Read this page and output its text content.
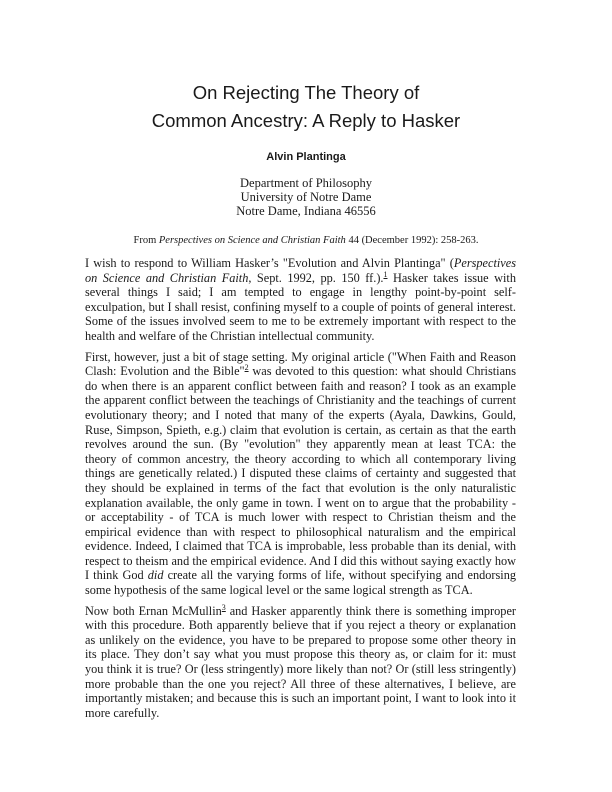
On Rejecting The Theory of
Common Ancestry: A Reply to Hasker
Alvin Plantinga
Department of Philosophy
University of Notre Dame
Notre Dame, Indiana 46556
From Perspectives on Science and Christian Faith 44 (December 1992): 258-263.

I wish to respond to William Hasker’s "Evolution and Alvin Plantinga" (Perspectives on Science and Christian Faith, Sept. 1992, pp. 150 ff.).$^1$ Hasker takes issue with several things I said; I am tempted to engage in lengthy point-by-point self-exculpation, but I shall resist, confining myself to a couple of points of general interest. Some of the issues involved seem to me to be extremely important with respect to the health and welfare of the Christian intellectual community.

First, however, just a bit of stage setting. My original article ("When Faith and Reason Clash: Evolution and the Bible"$^2$ was devoted to this question: what should Christians do when there is an apparent conflict between faith and reason? I took as an example the apparent conflict between the teachings of Christianity and the teachings of current evolutionary theory; and I noted that many of the experts (Ayala, Dawkins, Gould, Ruse, Simpson, Spieth, e.g.) claim that evolution is certain, as certain as that the earth revolves around the sun. (By "evolution" they apparently mean at least TCA: the theory of common ancestry, the theory according to which all contemporary living things are genetically related.) I disputed these claims of certainty and suggested that they should be explained in terms of the fact that evolution is the only naturalistic explanation available, the only game in town. I went on to argue that the probability - or acceptability - of TCA is much lower with respect to Christian theism and the empirical evidence than with respect to philosophical naturalism and the empirical evidence. Indeed, I claimed that TCA is improbable, less probable than its denial, with respect to theism and the empirical evidence. And I did this without saying exactly how I think God did create all the varying forms of life, without specifying and endorsing some hypothesis of the same logical level or the same logical strength as TCA.

Now both Ernan McMullin$^3$ and Hasker apparently think there is something improper with this procedure. Both apparently believe that if you reject a theory or explanation as unlikely on the evidence, you have to be prepared to propose some other theory in its place. They don’t say what you must propose this theory as, or claim for it: must you think it is true? Or (less stringently) more likely than not? Or (still less stringently) more probable than the one you reject? All three of these alternatives, I believe, are importantly mistaken; and because this is such an important point, I want to look into it more carefully.
